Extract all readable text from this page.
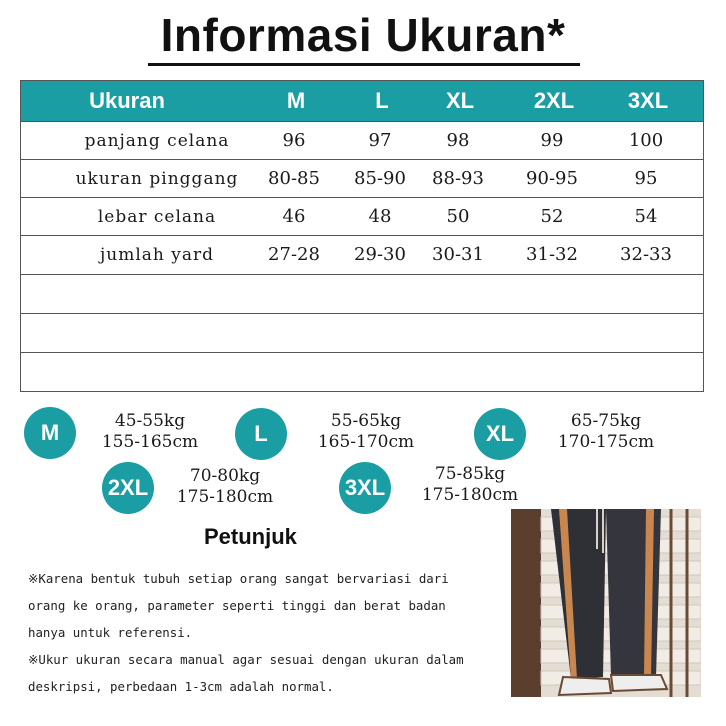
Informasi Ukuran*
Ukuran	M	L	XL	2XL	3XL
panjang celana	96	97	98	99	100
ukuran pinggang	80-85	85-90	88-93	90-95	95
lebar celana	46	48	50	52	54
jumlah yard	27-28	29-30	30-31	31-32	32-33
M	45-55kg
155-165cm	L	55-65kg
165-170cm	XL	65-75kg
170-175cm
2XL	70-80kg
175-180cm	3XL
75-85kg
175-180cm
Petunjuk
※Karena bentuk tubuh setiap orang sangat bervariasi dari
orang ke orang, parameter seperti tinggi dan berat badan
hanya untuk referensi.
※Ukur ukuran secara manual agar sesuai dengan ukuran dalam
deskripsi, perbedaan 1-3cm adalah normal.
